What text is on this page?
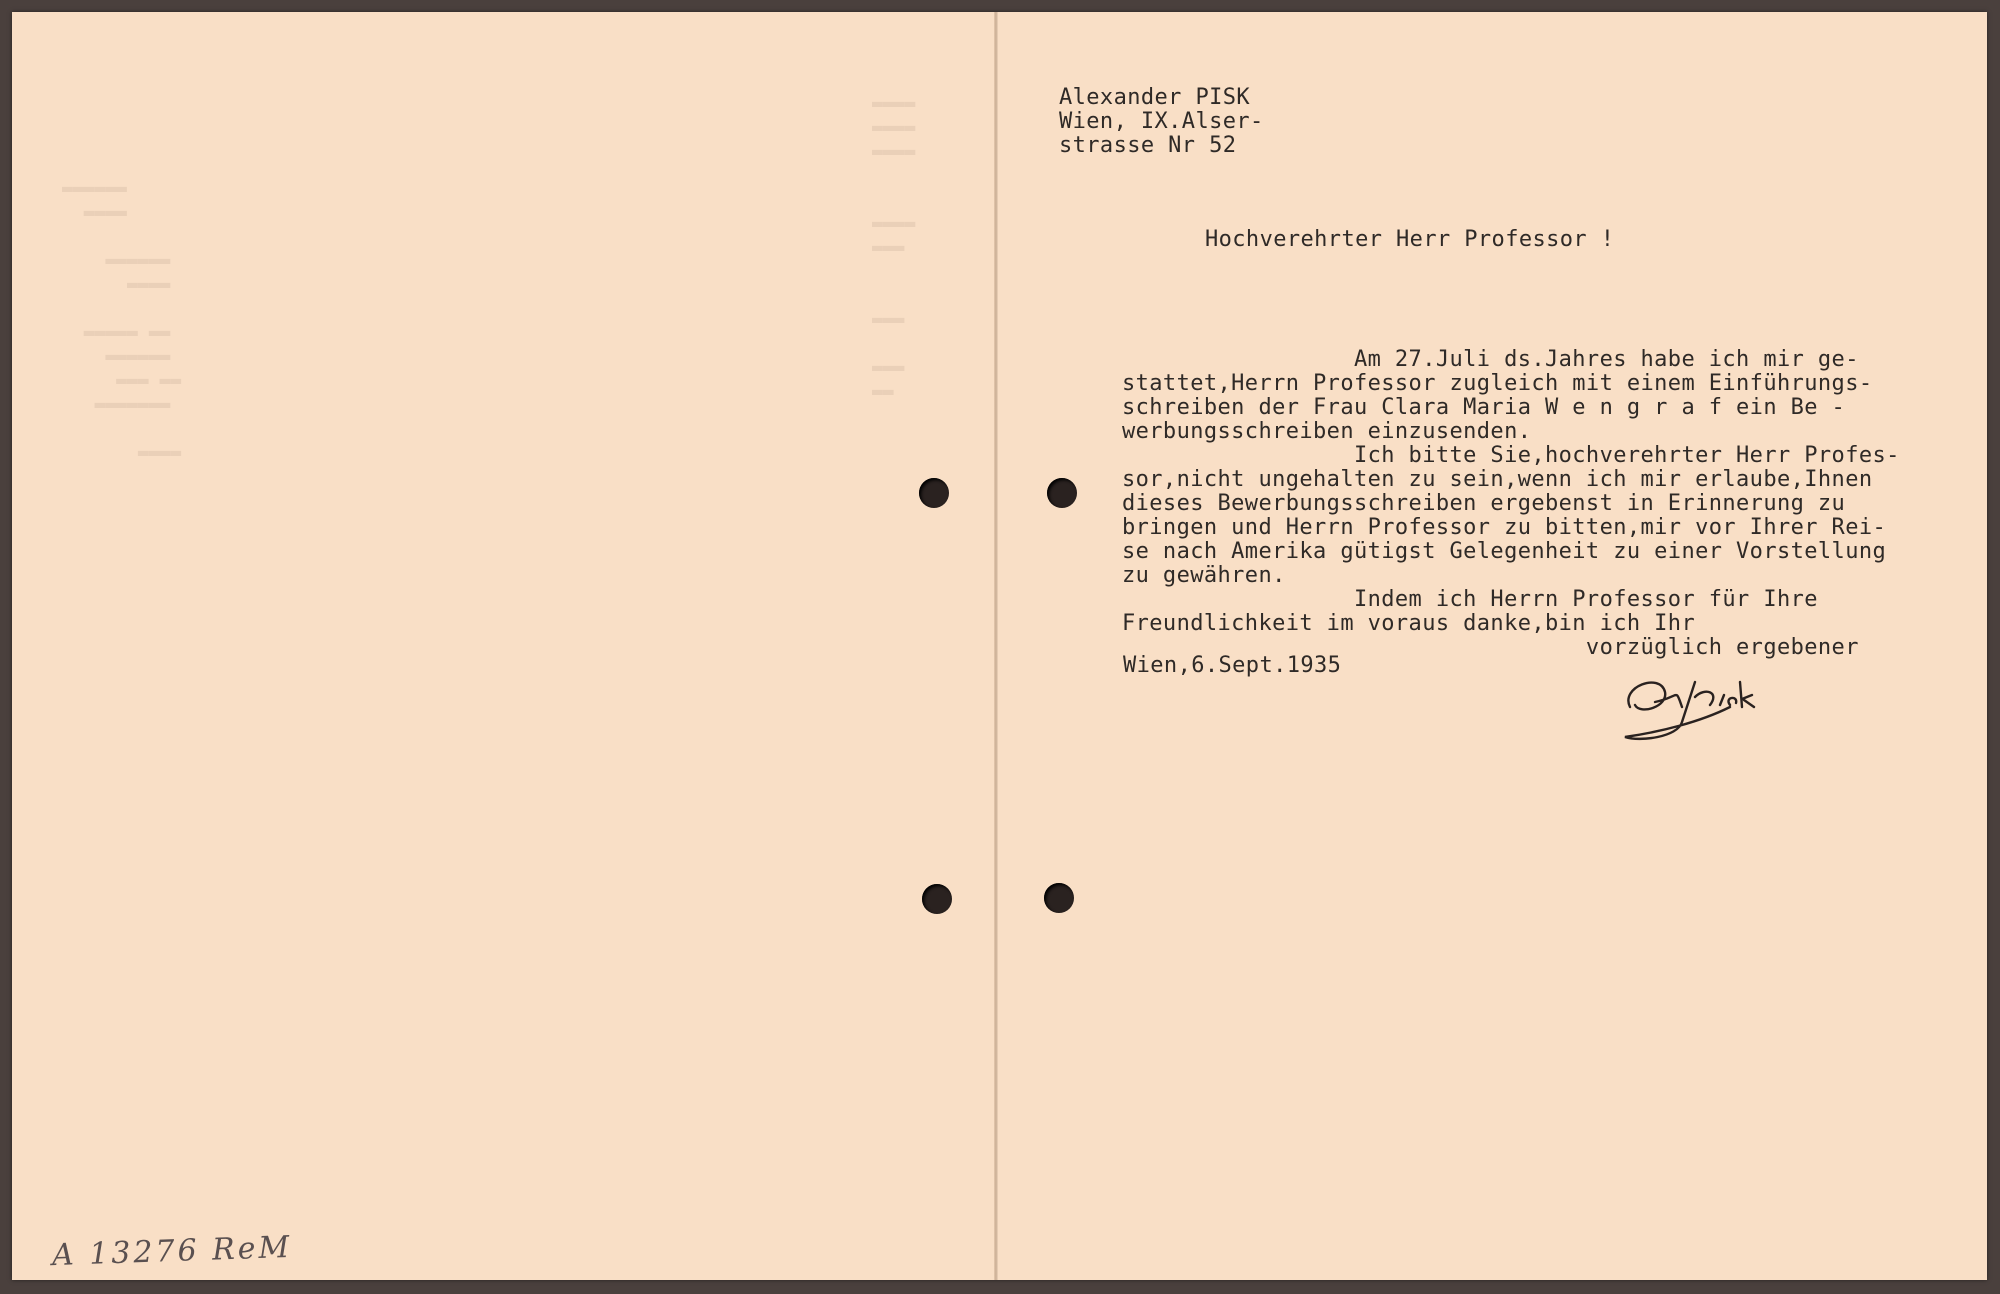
▬▬▬▬▬▬
▬▬▬▬

▬▬▬▬▬▬
▬▬▬▬

▬▬▬▬▬ ▬▬
▬▬▬▬▬▬
▬▬▬ ▬▬
▬▬▬▬▬▬▬

▬▬▬▬
▬▬▬▬
▬▬▬▬
▬▬▬▬

▬▬▬▬
▬▬▬

▬▬▬

▬▬▬
▬▬
Alexander PISK
Wien, IX.Alser-
strasse Nr 52
Hochverehrter Herr Professor !

Am 27.Juli ds.Jahres habe ich mir ge-
stattet,Herrn Professor zugleich mit einem Einführungs-
schreiben der Frau Clara Maria W e n g r a f ein Be -
werbungsschreiben einzusenden.
Ich bitte Sie,hochverehrter Herr Profes-
sor,nicht ungehalten zu sein,wenn ich mir erlaube,Ihnen
dieses Bewerbungsschreiben ergebenst in Erinnerung zu
bringen und Herrn Professor zu bitten,mir vor Ihrer Rei-
se nach Amerika gütigst Gelegenheit zu einer Vorstellung
zu gewähren.
Indem ich Herrn Professor für Ihre
Freundlichkeit im voraus danke,bin ich Ihr
vorzüglich ergebener

Wien,6.Sept.1935
A 13276 ReM
